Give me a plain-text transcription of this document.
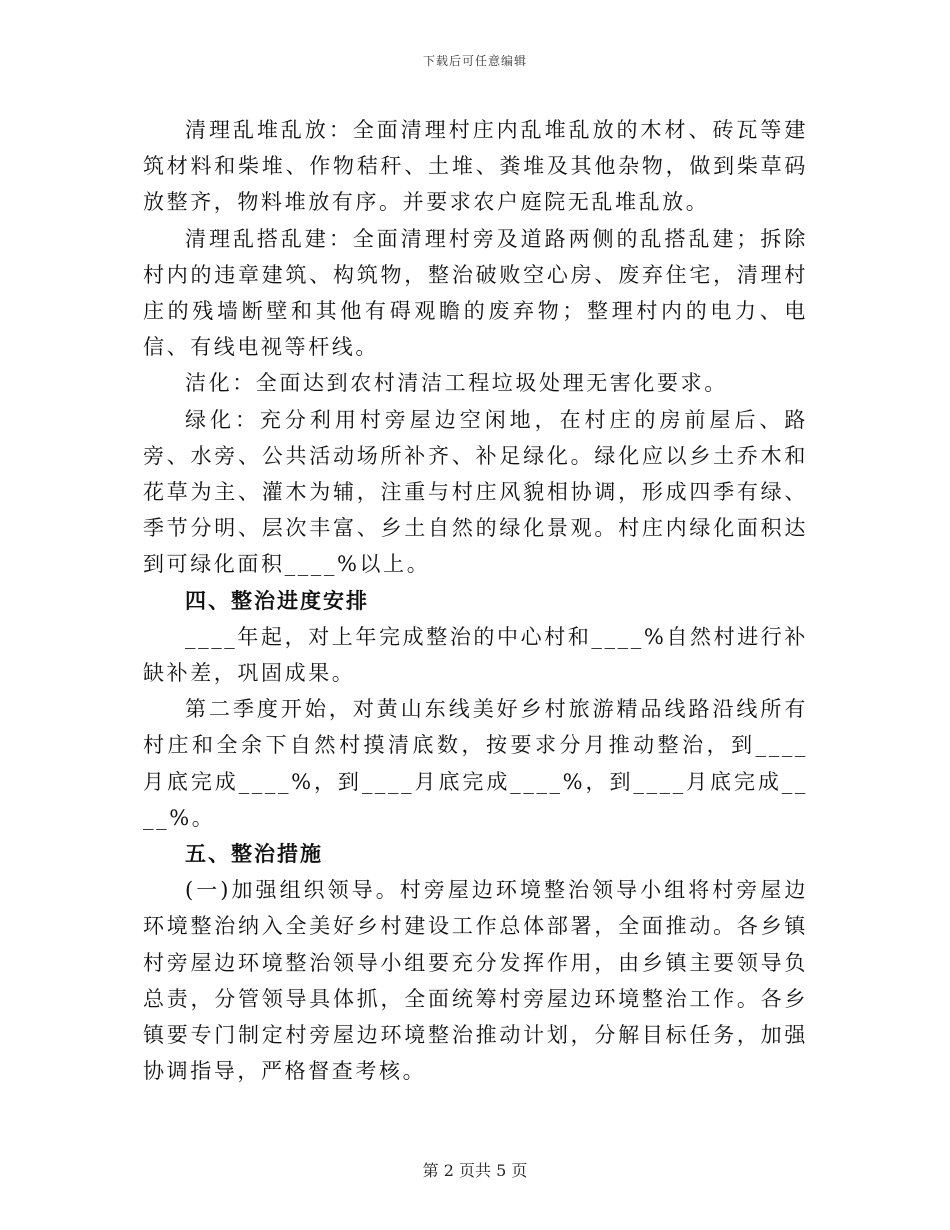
下载后可任意编辑

清理乱堆乱放：全面清理村庄内乱堆乱放的木材、砖瓦等建筑材料和柴堆、作物秸秆、土堆、粪堆及其他杂物，做到柴草码放整齐，物料堆放有序。并要求农户庭院无乱堆乱放。

清理乱搭乱建：全面清理村旁及道路两侧的乱搭乱建；拆除村内的违章建筑、构筑物，整治破败空心房、废弃住宅，清理村庄的残墙断壁和其他有碍观瞻的废弃物；整理村内的电力、电信、有线电视等杆线。

洁化：全面达到农村清洁工程垃圾处理无害化要求。

绿化：充分利用村旁屋边空闲地，在村庄的房前屋后、路旁、水旁、公共活动场所补齐、补足绿化。绿化应以乡土乔木和花草为主、灌木为辅，注重与村庄风貌相协调，形成四季有绿、季节分明、层次丰富、乡土自然的绿化景观。村庄内绿化面积达到可绿化面积____%以上。

四、整治进度安排

____年起，对上年完成整治的中心村和____%自然村进行补缺补差，巩固成果。

第二季度开始，对黄山东线美好乡村旅游精品线路沿线所有村庄和全余下自然村摸清底数，按要求分月推动整治，到____月底完成____%，到____月底完成____%，到____月底完成____%。

五、整治措施

(一)加强组织领导。村旁屋边环境整治领导小组将村旁屋边环境整治纳入全美好乡村建设工作总体部署，全面推动。各乡镇村旁屋边环境整治领导小组要充分发挥作用，由乡镇主要领导负总责，分管领导具体抓，全面统筹村旁屋边环境整治工作。各乡镇要专门制定村旁屋边环境整治推动计划，分解目标任务，加强协调指导，严格督查考核。

第 2 页共 5 页
